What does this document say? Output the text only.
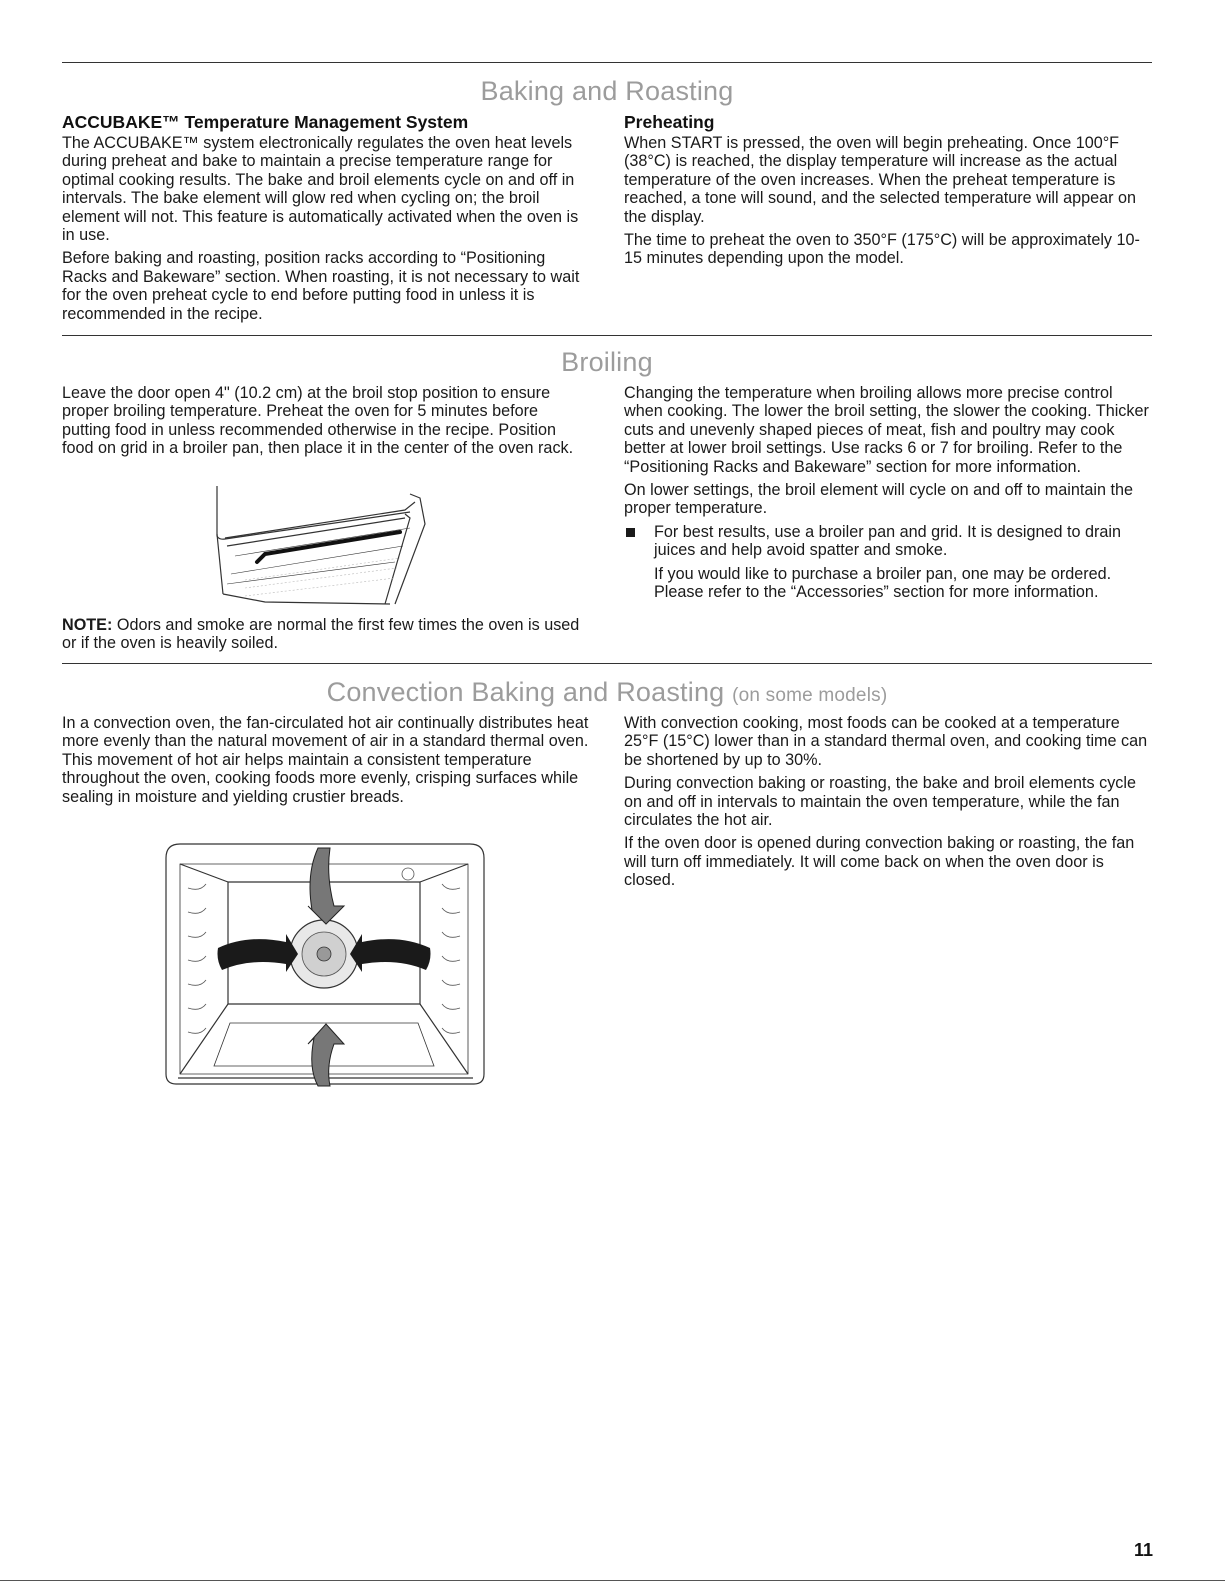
Baking and Roasting
ACCUBAKE™ Temperature Management System

The ACCUBAKE™ system electronically regulates the oven heat levels during preheat and bake to maintain a precise temperature range for optimal cooking results. The bake and broil elements cycle on and off in intervals. The bake element will glow red when cycling on; the broil element will not. This feature is automatically activated when the oven is in use.

Before baking and roasting, position racks according to “Positioning Racks and Bakeware” section. When roasting, it is not necessary to wait for the oven preheat cycle to end before putting food in unless it is recommended in the recipe.

Preheating

When START is pressed, the oven will begin preheating. Once 100°F (38°C) is reached, the display temperature will increase as the actual temperature of the oven increases. When the preheat temperature is reached, a tone will sound, and the selected temperature will appear on the display.

The time to preheat the oven to 350°F (175°C) will be approximately 10-15 minutes depending upon the model.

Broiling

Leave the door open 4" (10.2 cm) at the broil stop position to ensure proper broiling temperature. Preheat the oven for 5 minutes before putting food in unless recommended otherwise in the recipe. Position food on grid in a broiler pan, then place it in the center of the oven rack.

NOTE: Odors and smoke are normal the first few times the oven is used or if the oven is heavily soiled.

Changing the temperature when broiling allows more precise control when cooking. The lower the broil setting, the slower the cooking. Thicker cuts and unevenly shaped pieces of meat, fish and poultry may cook better at lower broil settings. Use racks 6 or 7 for broiling. Refer to the “Positioning Racks and Bakeware” section for more information.

On lower settings, the broil element will cycle on and off to maintain the proper temperature.

For best results, use a broiler pan and grid. It is designed to drain juices and help avoid spatter and smoke.

If you would like to purchase a broiler pan, one may be ordered. Please refer to the “Accessories” section for more information.

Convection Baking and Roasting (on some models)

In a convection oven, the fan-circulated hot air continually distributes heat more evenly than the natural movement of air in a standard thermal oven. This movement of hot air helps maintain a consistent temperature throughout the oven, cooking foods more evenly, crisping surfaces while sealing in moisture and yielding crustier breads.

With convection cooking, most foods can be cooked at a temperature 25°F (15°C) lower than in a standard thermal oven, and cooking time can be shortened by up to 30%.

During convection baking or roasting, the bake and broil elements cycle on and off in intervals to maintain the oven temperature, while the fan circulates the hot air.

If the oven door is opened during convection baking or roasting, the fan will turn off immediately. It will come back on when the oven door is closed.

11
